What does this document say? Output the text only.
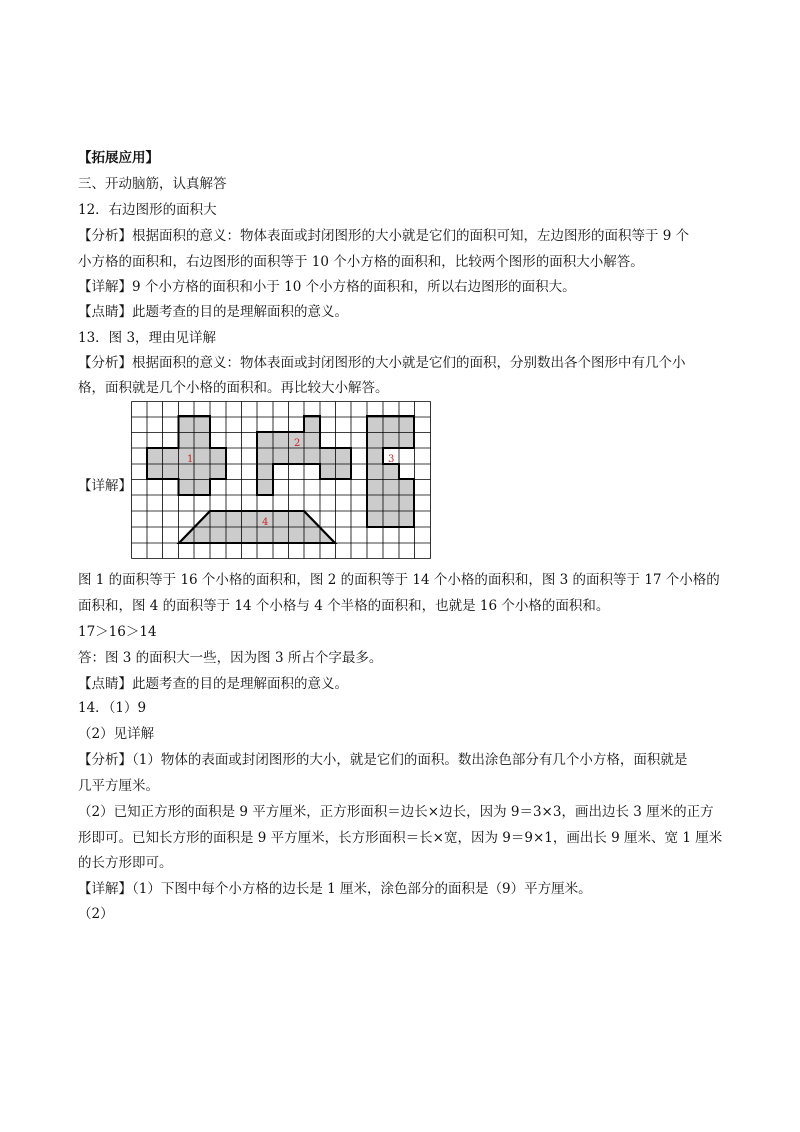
【拓展应用】
三、开动脑筋，认真解答
12．右边图形的面积大
【分析】根据面积的意义：物体表面或封闭图形的大小就是它们的面积可知，左边图形的面积等于 9 个
小方格的面积和，右边图形的面积等于 10 个小方格的面积和，比较两个图形的面积大小解答。
【详解】9 个小方格的面积和小于 10 个小方格的面积和，所以右边图形的面积大。
【点睛】此题考查的目的是理解面积的意义。
13．图 3，理由见详解
【分析】根据面积的意义：物体表面或封闭图形的大小就是它们的面积，分别数出各个图形中有几个小
格，面积就是几个小格的面积和。再比较大小解答。
【详解】
1
2
3
4
图 1 的面积等于 16 个小格的面积和，图 2 的面积等于 14 个小格的面积和，图 3 的面积等于 17 个小格的
面积和，图 4 的面积等于 14 个小格与 4 个半格的面积和，也就是 16 个小格的面积和。
17＞16＞14
答：图 3 的面积大一些，因为图 3 所占个字最多。
【点睛】此题考查的目的是理解面积的意义。
14．（1）9
（2）见详解
【分析】（1）物体的表面或封闭图形的大小，就是它们的面积。数出涂色部分有几个小方格，面积就是
几平方厘米。
（2）已知正方形的面积是 9 平方厘米，正方形面积＝边长×边长，因为 9＝3×3，画出边长 3 厘米的正方
形即可。已知长方形的面积是 9 平方厘米，长方形面积＝长×宽，因为 9＝9×1，画出长 9 厘米、宽 1 厘米
的长方形即可。
【详解】（1）下图中每个小方格的边长是 1 厘米，涂色部分的面积是（9）平方厘米。
（2）
